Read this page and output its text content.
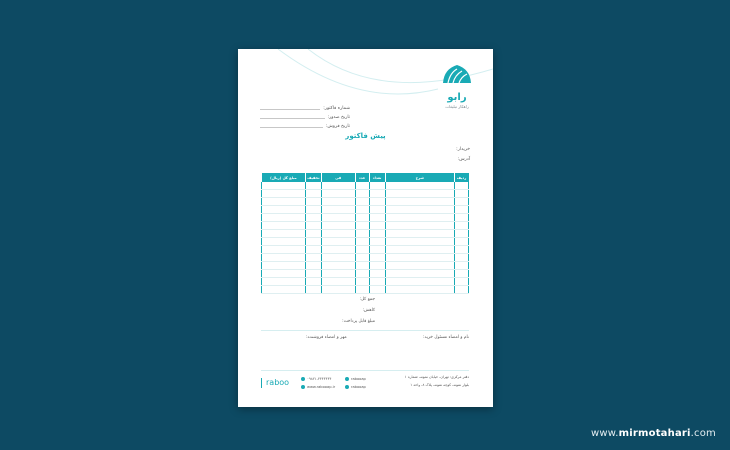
رابو
راهکار تبلیغات
شماره فاکتور:
تاریخ صدور:
تاریخ فروش:
پیش فاکتور
خریدار:
آدرس:
ردیف	شرح	تعداد	عدد	فی	تخفیف	مبلغ کل (ریال)

جمع کل:
کاهش:
مبلغ قابل پرداخت:
نام و امضاء مسئول خرید:
مهر و امضاء فروشنده:
raboo	۰۹۸۲۱-۴۴۴۴۴۴۴
www.rabooap.ir
rabooap
rabooap
دفتر مرکزی: تهران، خیابان نمونه، شماره ۱
بلوار نمونه، کوچه نمونه، پلاک ۸، واحد ۱
www.mirmotahari.com
